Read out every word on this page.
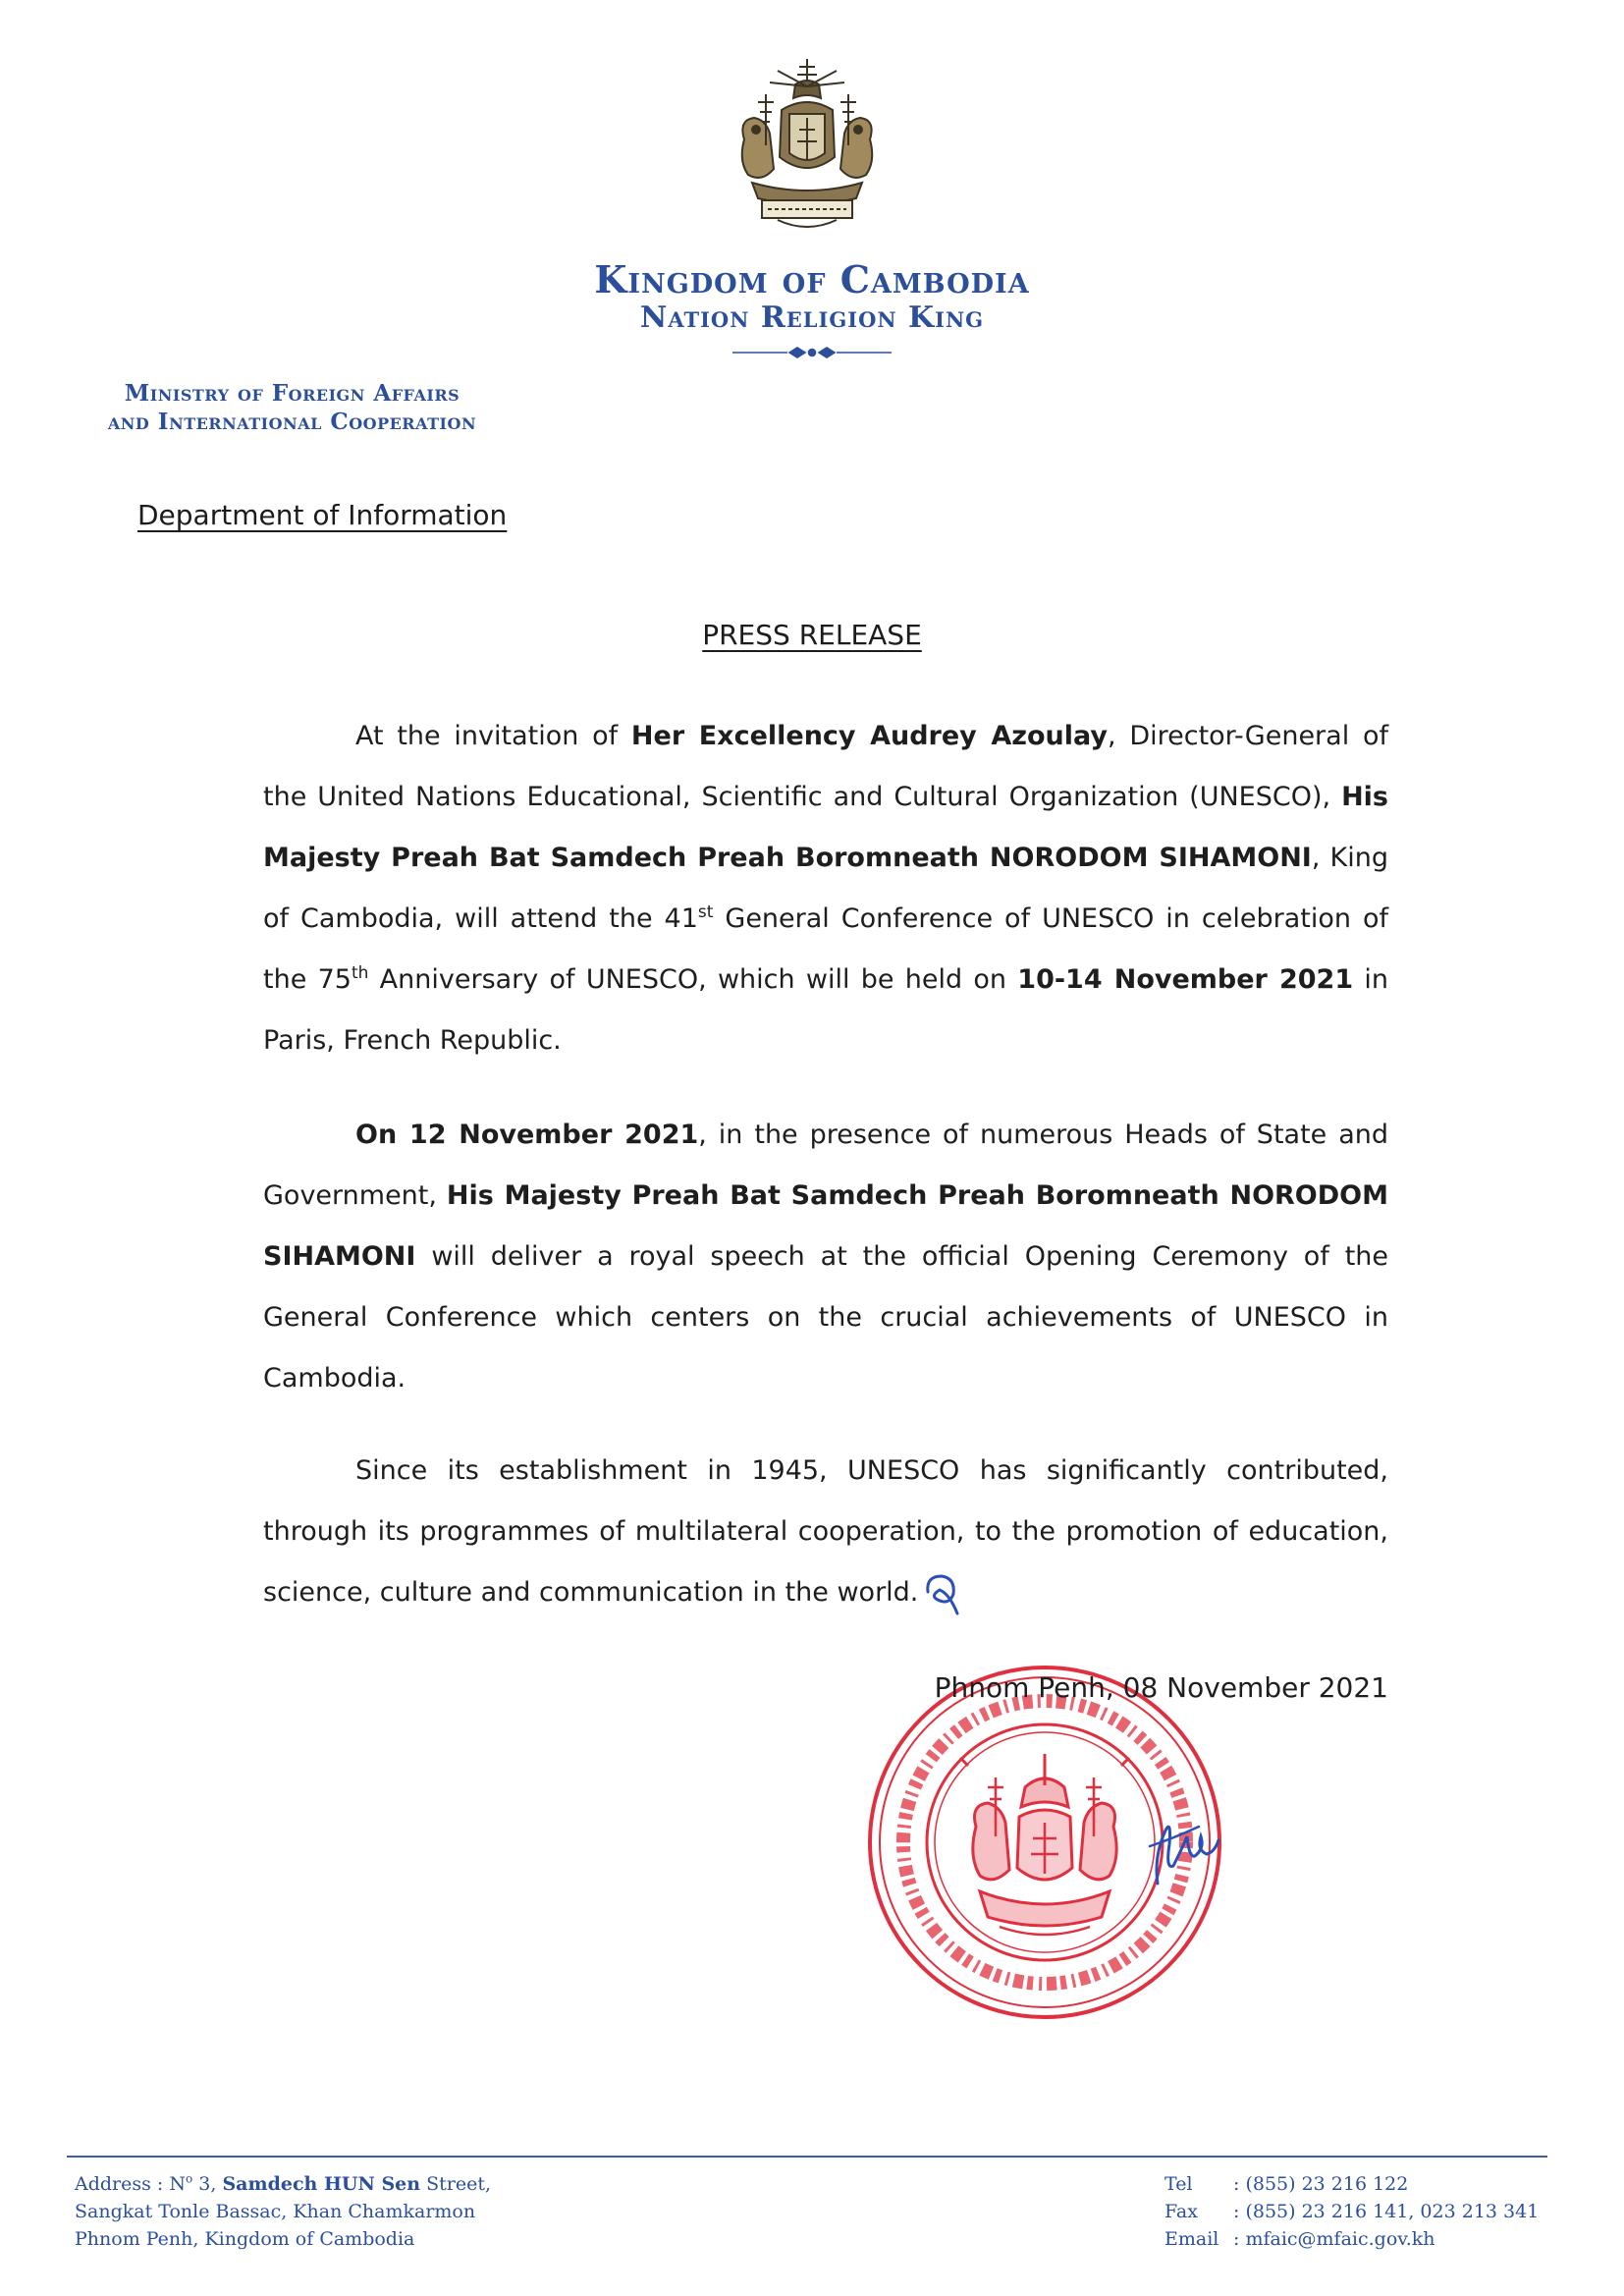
Kingdom of Cambodia
Nation Religion King
Ministry of Foreign Affairs
and International Cooperation
Department of Information
PRESS RELEASE
At the invitation of Her Excellency Audrey Azoulay, Director-General of the United Nations Educational, Scientific and Cultural Organization (UNESCO), His Majesty Preah Bat Samdech Preah Boromneath NORODOM SIHAMONI, King of Cambodia, will attend the 41st General Conference of UNESCO in celebration of the 75th Anniversary of UNESCO, which will be held on 10-14 November 2021 in Paris, French Republic.
On 12 November 2021, in the presence of numerous Heads of State and Government, His Majesty Preah Bat Samdech Preah Boromneath NORODOM SIHAMONI will deliver a royal speech at the official Opening Ceremony of the General Conference which centers on the crucial achievements of UNESCO in Cambodia.
Since its establishment in 1945, UNESCO has significantly contributed, through its programmes of multilateral cooperation, to the promotion of education, science, culture and communication in the world.
Phnom Penh, 08 November 2021
Address : $N^o$ 3, Samdech HUN Sen Street,
Sangkat Tonle Bassac, Khan Chamkarmon
Phnom Penh, Kingdom of Cambodia
Tel : (855) 23 216 122
Fax : (855) 23 216 141, 023 213 341
Email : mfaic@mfaic.gov.kh
